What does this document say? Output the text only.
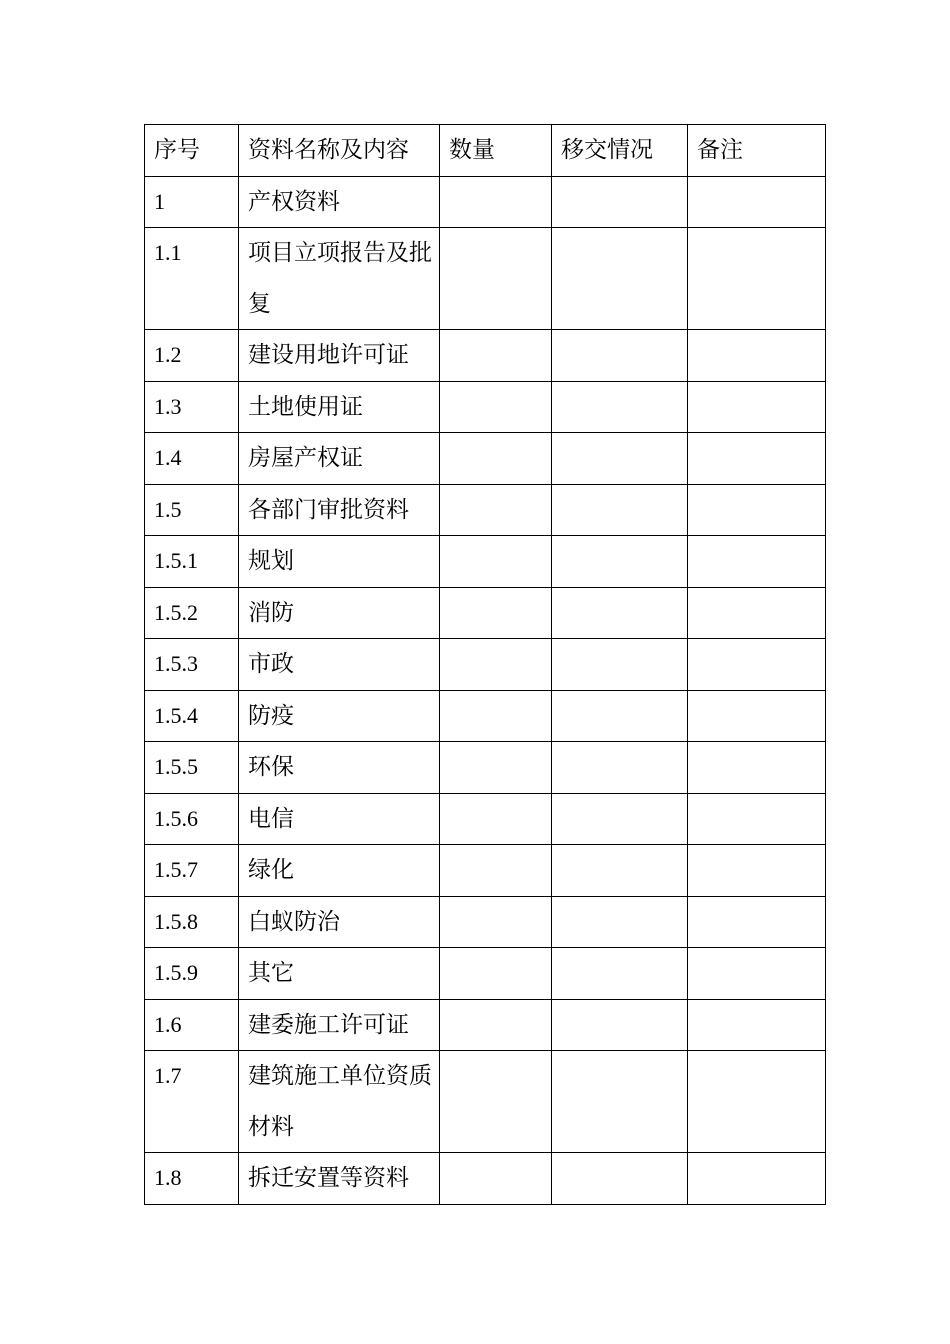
序号	资料名称及内容	数量	移交情况	备注
1	产权资料			
1.1	项目立项报告及批复			
1.2	建设用地许可证			
1.3	土地使用证			
1.4	房屋产权证			
1.5	各部门审批资料			
1.5.1	规划			
1.5.2	消防			
1.5.3	市政			
1.5.4	防疫			
1.5.5	环保			
1.5.6	电信			
1.5.7	绿化			
1.5.8	白蚁防治			
1.5.9	其它			
1.6	建委施工许可证			
1.7	建筑施工单位资质材料			
1.8	拆迁安置等资料			
